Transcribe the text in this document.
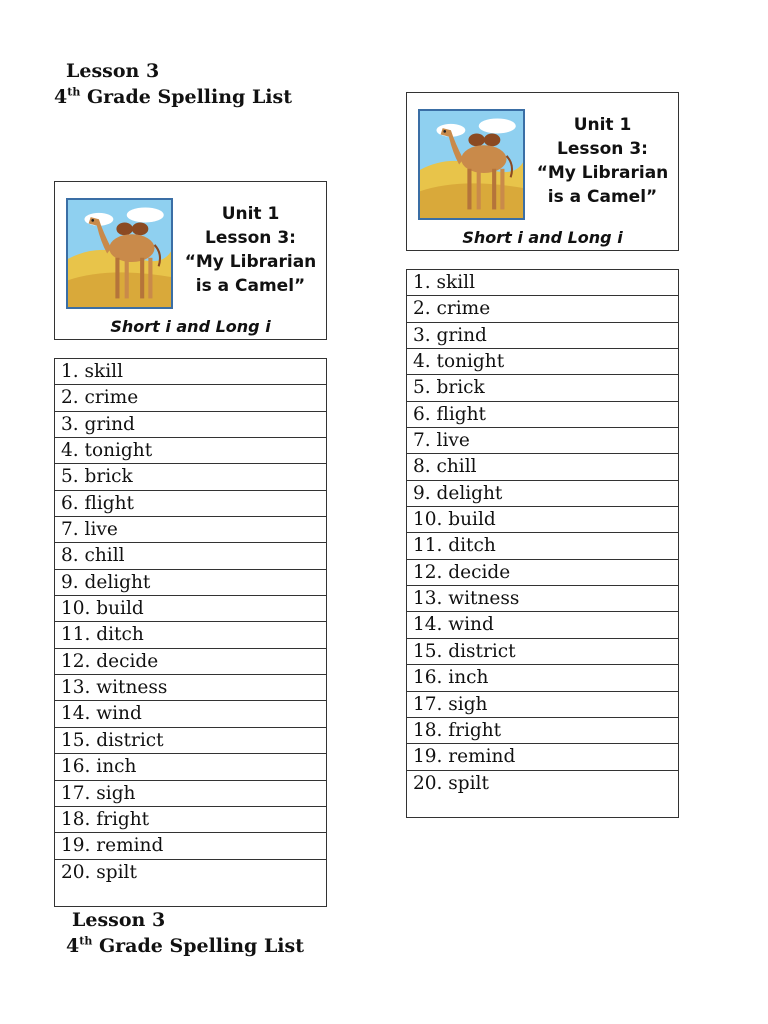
Lesson 3
4th Grade Spelling List
Unit 1
Lesson 3:
“My Librarian
is a Camel”
Short i and Long i
1. skill
2. crime
3. grind
4. tonight
5. brick
6. flight
7. live
8. chill
9. delight
10. build
11. ditch
12. decide
13. witness
14. wind
15. district
16. inch
17. sigh
18. fright
19. remind
20. spilt
Lesson 3
4th Grade Spelling List
Unit 1
Lesson 3:
“My Librarian
is a Camel”
Short i and Long i
1. skill
2. crime
3. grind
4. tonight
5. brick
6. flight
7. live
8. chill
9. delight
10. build
11. ditch
12. decide
13. witness
14. wind
15. district
16. inch
17. sigh
18. fright
19. remind
20. spilt
